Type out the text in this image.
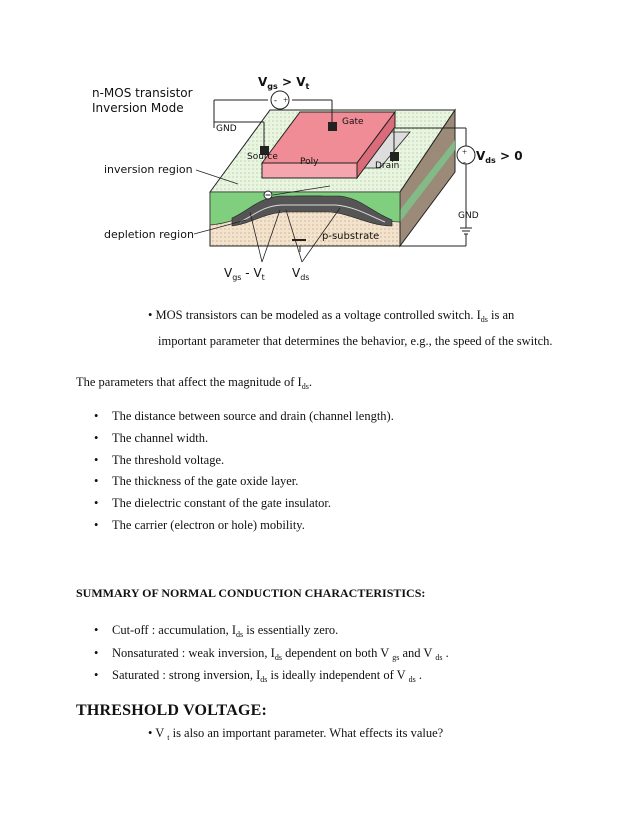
n-MOS transistor
Inversion Mode
inversion region
depletion region
GND
GND
Gate
Poly
Source
Drain
p-substrate
+
-
+
-
$V_{gs} > V_t$
$V_{ds} > 0$
$V_{gs} - V_t$ $V_{ds}$
• MOS transistors can be modeled as a voltage controlled switch. $I_{ds}$ is an
important parameter that determines the behavior, e.g., the speed of the switch.
The parameters that affect the magnitude of $I_{ds}$.
• The distance between source and drain (channel length).
• The channel width.
• The threshold voltage.
• The thickness of the gate oxide layer.
• The dielectric constant of the gate insulator.
• The carrier (electron or hole) mobility.
SUMMARY OF NORMAL CONDUCTION CHARACTERISTICS:
• Cut-off : accumulation, $I_{ds}$ is essentially zero.
• Nonsaturated : weak inversion, $I_{ds}$ dependent on both V $_{gs}$ and V $_{ds}$ .
• Saturated : strong inversion, $I_{ds}$ is ideally independent of V $_{ds}$ .
THRESHOLD VOLTAGE:
• V $_t$ is also an important parameter. What effects its value?
